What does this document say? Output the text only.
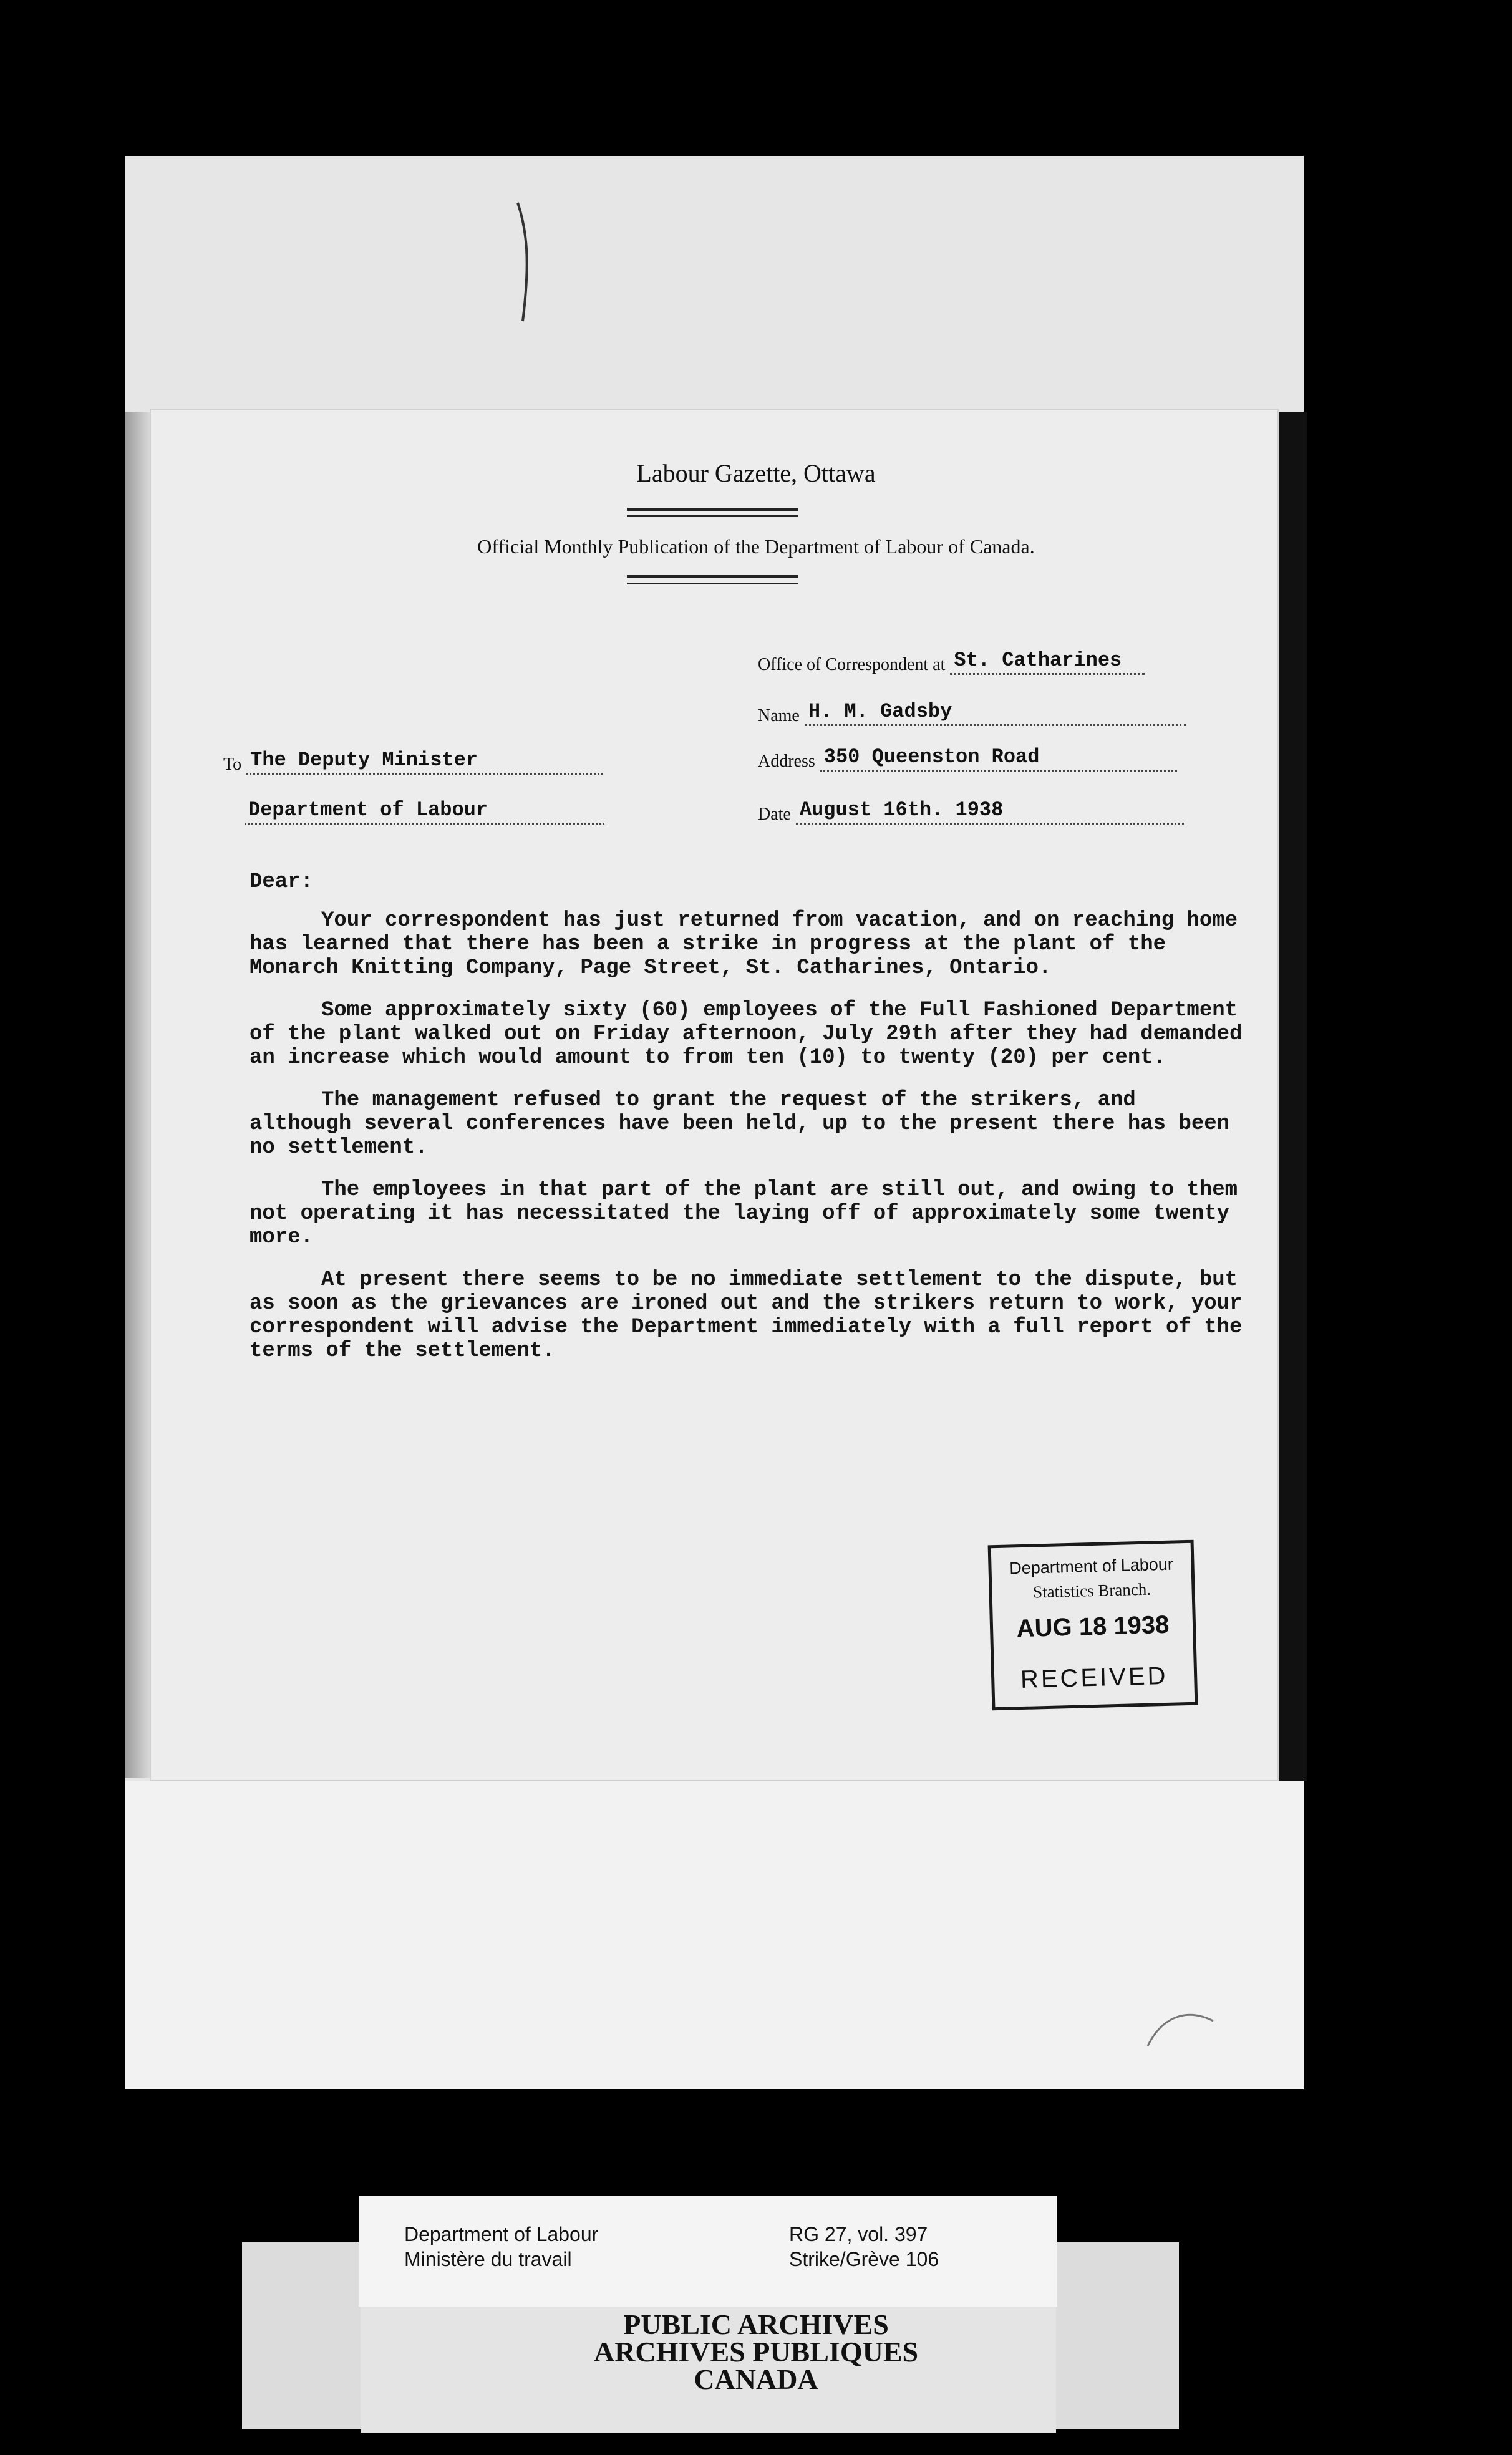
Labour Gazette, Ottawa
Official Monthly Publication of the Department of Labour of Canada.
Office of Correspondent at St. Catharines
Name H. M. Gadsby
Address 350 Queenston Road
Date August 16th. 1938
To The Deputy Minister
Department of Labour

Dear:

Your correspondent has just returned from vacation, and on reaching home has learned that there has been a strike in progress at the plant of the Monarch Knitting Company, Page Street, St. Catharines, Ontario.

Some approximately sixty (60) employees of the Full Fashioned Department of the plant walked out on Friday afternoon, July 29th after they had demanded an increase which would amount to from ten (10) to twenty (20) per cent.

The management refused to grant the request of the strikers, and although several conferences have been held, up to the present there has been no settlement.

The employees in that part of the plant are still out, and owing to them not operating it has necessitated the laying off of approximately some twenty more.

At present there seems to be no immediate settlement to the dispute, but as soon as the grievances are ironed out and the strikers return to work, your correspondent will advise the Department immediately with a full report of the terms of the settlement.

Department of Labour
Statistics Branch.
AUG 18 1938
RECEIVED
Department of Labour
Ministère du travail
RG 27, vol. 397
Strike/Grève 106
PUBLIC ARCHIVES
ARCHIVES PUBLIQUES
CANADA
